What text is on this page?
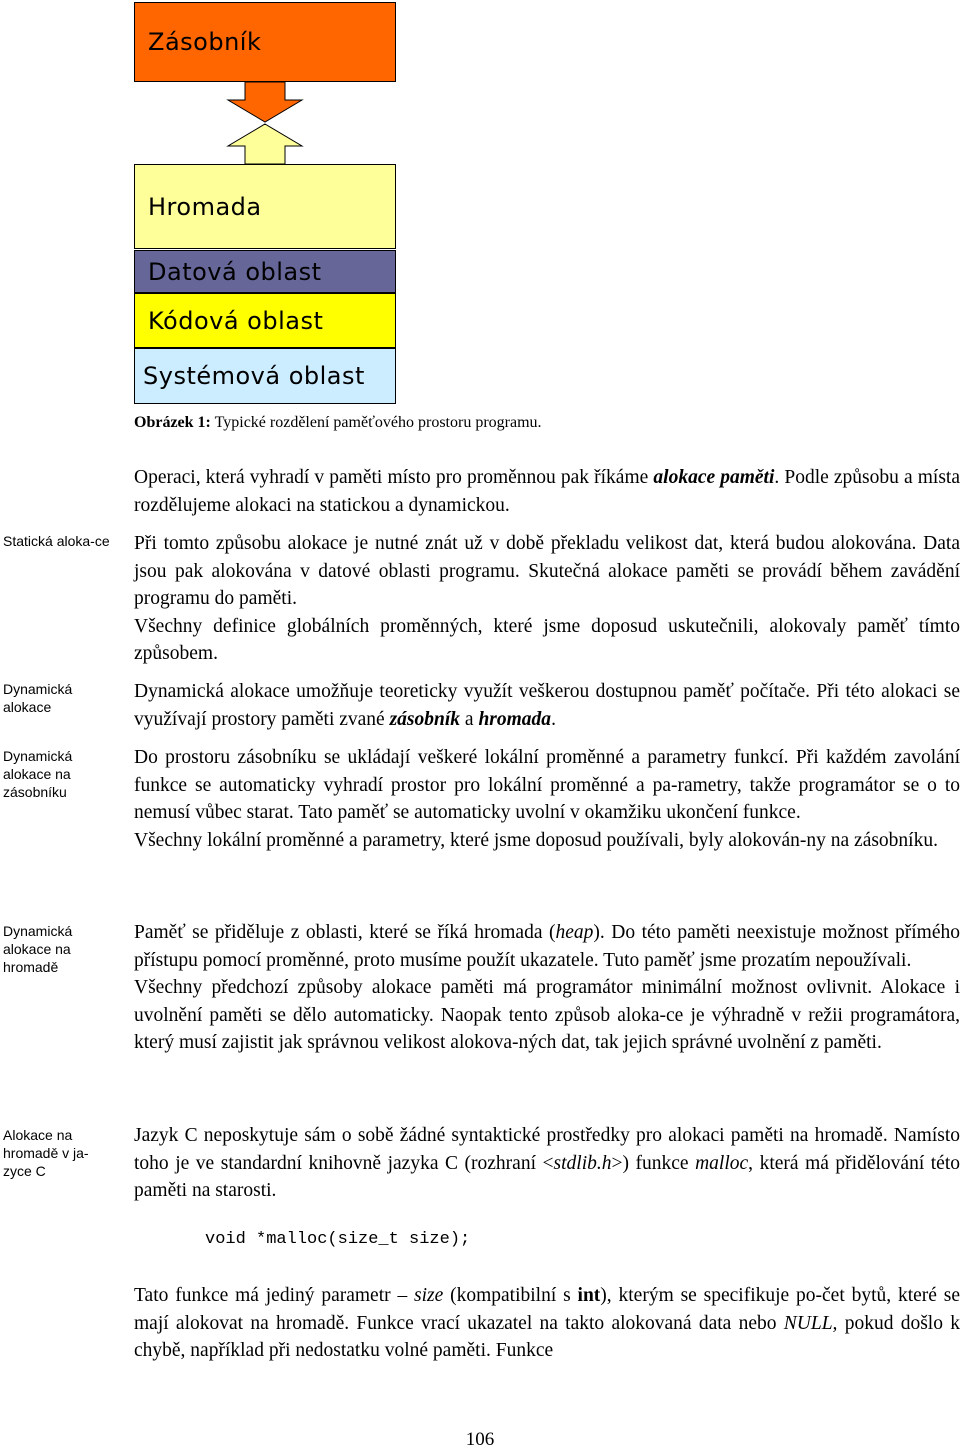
Zásobník
Hromada
Datová oblast
Kódová oblast
Systémová oblast
Obrázek 1: Typické rozdělení paměťového prostoru programu.
Statická aloka-ce
Dynamická alokace
Dynamická alokace na zásobníku
Dynamická alokace na hromadě
Alokace na hromadě v ja-zyce C

Operaci, která vyhradí v paměti místo pro proměnnou pak říkáme alokace paměti. Podle způsobu a místa rozdělujeme alokaci na statickou a dynamickou.

Při tomto způsobu alokace je nutné znát už v době překladu velikost dat, která budou alokována. Data jsou pak alokována v datové oblasti programu. Skutečná alokace paměti se provádí během zavádění programu do paměti.
Všechny definice globálních proměnných, které jsme doposud uskutečnili, alokovaly paměť tímto způsobem.

Dynamická alokace umožňuje teoreticky využít veškerou dostupnou paměť počítače. Při této alokaci se využívají prostory paměti zvané zásobník a hromada.

Do prostoru zásobníku se ukládají veškeré lokální proměnné a parametry funkcí. Při každém zavolání funkce se automaticky vyhradí prostor pro lokální proměnné a pa-rametry, takže programátor se o to nemusí vůbec starat. Tato paměť se automaticky uvolní v okamžiku ukončení funkce.
Všechny lokální proměnné a parametry, které jsme doposud používali, byly alokován-ny na zásobníku.

Paměť se přiděluje z oblasti, které se říká hromada (heap). Do této paměti neexistuje možnost přímého přístupu pomocí proměnné, proto musíme použít ukazatele. Tuto paměť jsme prozatím nepoužívali.
Všechny předchozí způsoby alokace paměti má programátor minimální možnost ovlivnit. Alokace i uvolnění paměti se dělo automaticky. Naopak tento způsob aloka-ce je výhradně v režii programátora, který musí zajistit jak správnou velikost alokova-ných dat, tak jejich správné uvolnění z paměti.

Jazyk C neposkytuje sám o sobě žádné syntaktické prostředky pro alokaci paměti na hromadě. Namísto toho je ve standardní knihovně jazyka C (rozhraní <stdlib.h>) funkce malloc, která má přidělování této paměti na starosti.

void *malloc(size_t size);

Tato funkce má jediný parametr – size (kompatibilní s int), kterým se specifikuje po-čet bytů, které se mají alokovat na hromadě. Funkce vrací ukazatel na takto alokovaná data nebo NULL, pokud došlo k chybě, například při nedostatku volné paměti. Funkce

106
